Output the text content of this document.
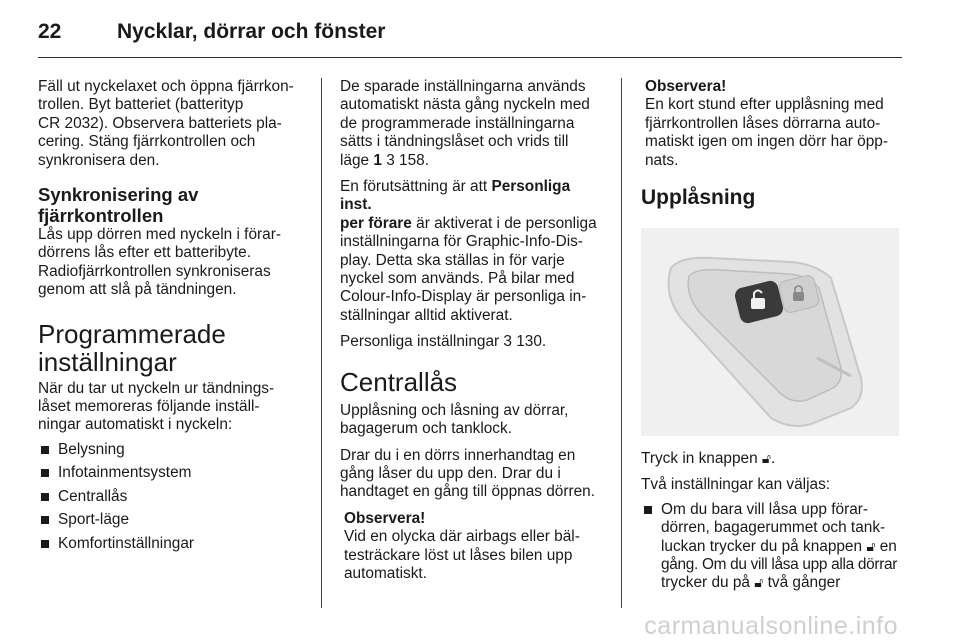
22	Nycklar, dörrar och fönster
Fäll ut nyckelaxet och öppna fjärrkon-
trollen. Byt batteriet (batterityp
CR 2032). Observera batteriets pla-
cering. Stäng fjärrkontrollen och
synkronisera den.
Synkronisering av
fjärrkontrollen
Lås upp dörren med nyckeln i förar-
dörrens lås efter ett batteribyte.
Radiofjärrkontrollen synkroniseras
genom att slå på tändningen.
Programmerade
inställningar
När du tar ut nyckeln ur tändnings-
låset memoreras följande inställ-
ningar automatiskt i nyckeln:
Belysning
Infotainmentsystem
Centrallås
Sport-läge
Komfortinställningar
De sparade inställningarna används
automatiskt nästa gång nyckeln med
de programmerade inställningarna
sätts i tändningslåset och vrids till
läge 1 3 158.
En förutsättning är att Personliga inst.
per förare är aktiverat i de personliga
inställningarna för Graphic-Info-Dis-
play. Detta ska ställas in för varje
nyckel som används. På bilar med
Colour-Info-Display är personliga in-
ställningar alltid aktiverat.
Personliga inställningar 3 130.
Centrallås
Upplåsning och låsning av dörrar,
bagagerum och tanklock.
Drar du i en dörrs innerhandtag en
gång låser du upp den. Drar du i
handtaget en gång till öppnas dörren.
Observera!
Vid en olycka där airbags eller bäl-
testräckare löst ut låses bilen upp
automatiskt.
Observera!
En kort stund efter upplåsning med
fjärrkontrollen låses dörrarna auto-
matiskt igen om ingen dörr har öpp-
nats.
Upplåsning
Tryck in knappen 🔓︎.
Två inställningar kan väljas:
Om du bara vill låsa upp förar-
dörren, bagagerummet och tank-
luckan trycker du på knappen 🔓︎ en
gång. Om du vill låsa upp alla dörrar
trycker du på 🔓︎ två gånger
carmanualsonline.info
